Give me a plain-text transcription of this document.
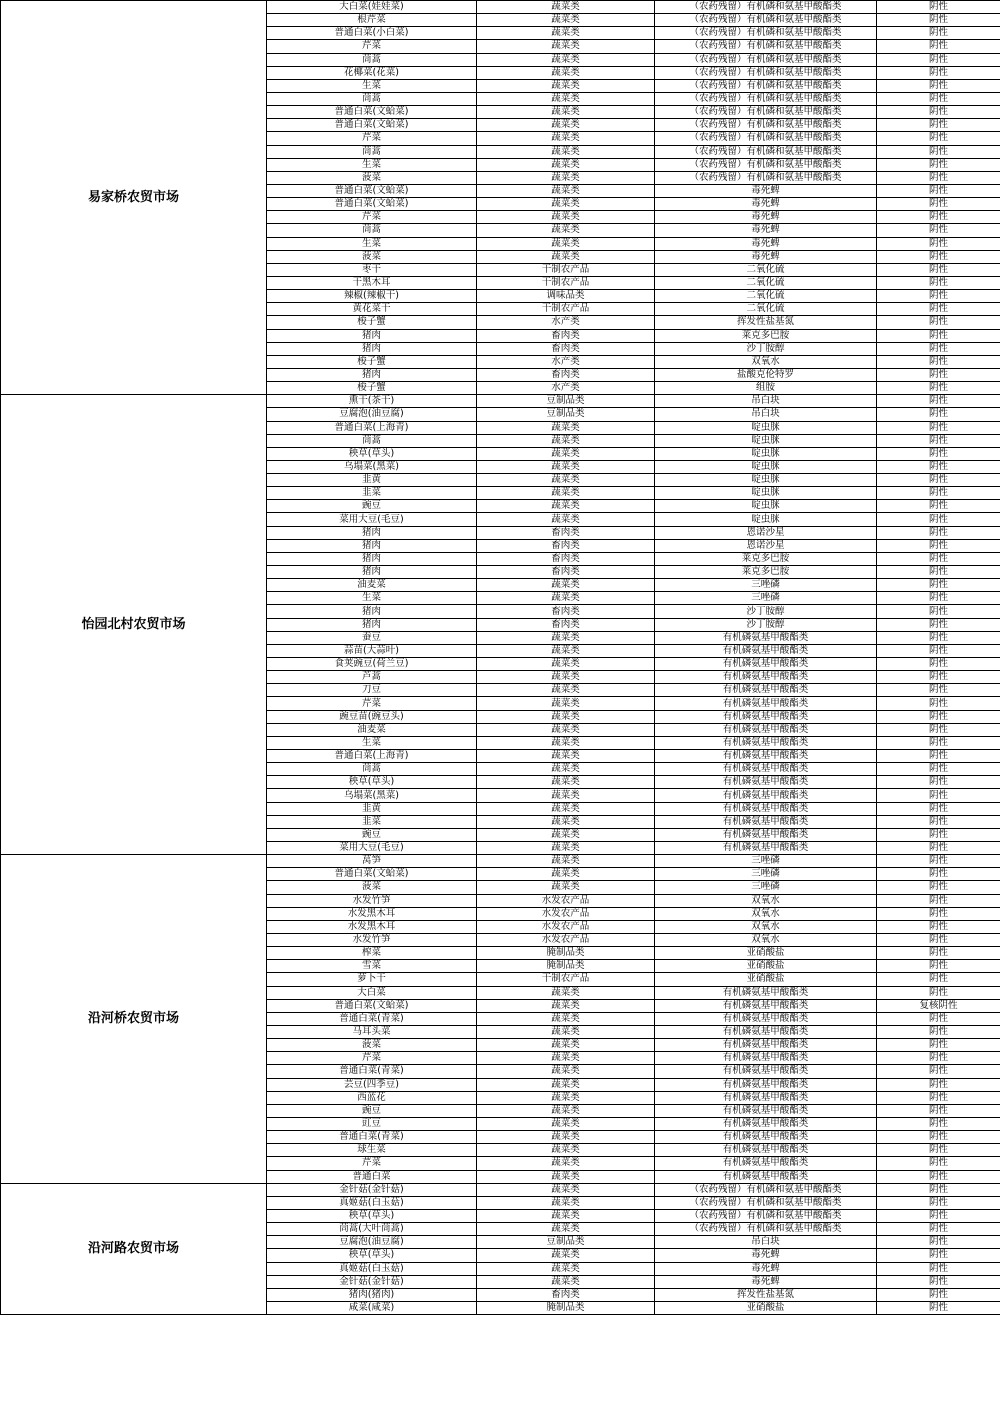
易家桥农贸市场	大白菜(娃娃菜)	蔬菜类	（农药残留）有机磷和氨基甲酸酯类	阴性
	根芹菜	蔬菜类	（农药残留）有机磷和氨基甲酸酯类	阴性
	普通白菜(小白菜)	蔬菜类	（农药残留）有机磷和氨基甲酸酯类	阴性
	芹菜	蔬菜类	（农药残留）有机磷和氨基甲酸酯类	阴性
	茼蒿	蔬菜类	（农药残留）有机磷和氨基甲酸酯类	阴性
	花椰菜(花菜)	蔬菜类	（农药残留）有机磷和氨基甲酸酯类	阴性
	生菜	蔬菜类	（农药残留）有机磷和氨基甲酸酯类	阴性
	茼蒿	蔬菜类	（农药残留）有机磷和氨基甲酸酯类	阴性
	普通白菜(文蛤菜)	蔬菜类	（农药残留）有机磷和氨基甲酸酯类	阴性
	普通白菜(文蛤菜)	蔬菜类	（农药残留）有机磷和氨基甲酸酯类	阴性
	芹菜	蔬菜类	（农药残留）有机磷和氨基甲酸酯类	阴性
	茼蒿	蔬菜类	（农药残留）有机磷和氨基甲酸酯类	阴性
	生菜	蔬菜类	（农药残留）有机磷和氨基甲酸酯类	阴性
	菠菜	蔬菜类	（农药残留）有机磷和氨基甲酸酯类	阴性
	普通白菜(文蛤菜)	蔬菜类	毒死蜱	阴性
	普通白菜(文蛤菜)	蔬菜类	毒死蜱	阴性
	芹菜	蔬菜类	毒死蜱	阴性
	茼蒿	蔬菜类	毒死蜱	阴性
	生菜	蔬菜类	毒死蜱	阴性
	菠菜	蔬菜类	毒死蜱	阴性
	枣干	干制农产品	二氧化硫	阴性
	干黑木耳	干制农产品	二氧化硫	阴性
	辣椒(辣椒干)	调味品类	二氧化硫	阴性
	黄花菜干	干制农产品	二氧化硫	阴性
	梭子蟹	水产类	挥发性盐基氮	阴性
	猪肉	畜肉类	莱克多巴胺	阴性
	猪肉	畜肉类	沙丁胺醇	阴性
	梭子蟹	水产类	双氧水	阴性
	猪肉	畜肉类	盐酸克伦特罗	阴性
	梭子蟹	水产类	组胺	阴性
怡园北村农贸市场	熏干(茶干)	豆制品类	吊白块	阴性
	豆腐泡(油豆腐)	豆制品类	吊白块	阴性
	普通白菜(上海青)	蔬菜类	啶虫脒	阴性
	茼蒿	蔬菜类	啶虫脒	阴性
	秧草(草头)	蔬菜类	啶虫脒	阴性
	乌塌菜(黑菜)	蔬菜类	啶虫脒	阴性
	韭黄	蔬菜类	啶虫脒	阴性
	韭菜	蔬菜类	啶虫脒	阴性
	豌豆	蔬菜类	啶虫脒	阴性
	菜用大豆(毛豆)	蔬菜类	啶虫脒	阴性
	猪肉	畜肉类	恩诺沙星	阴性
	猪肉	畜肉类	恩诺沙星	阴性
	猪肉	畜肉类	莱克多巴胺	阴性
	猪肉	畜肉类	莱克多巴胺	阴性
	油麦菜	蔬菜类	三唑磷	阴性
	生菜	蔬菜类	三唑磷	阴性
	猪肉	畜肉类	沙丁胺醇	阴性
	猪肉	畜肉类	沙丁胺醇	阴性
	蚕豆	蔬菜类	有机磷氨基甲酸酯类	阴性
	蒜苗(大蒜叶)	蔬菜类	有机磷氨基甲酸酯类	阴性
	食荚豌豆(荷兰豆)	蔬菜类	有机磷氨基甲酸酯类	阴性
	芦蒿	蔬菜类	有机磷氨基甲酸酯类	阴性
	刀豆	蔬菜类	有机磷氨基甲酸酯类	阴性
	芹菜	蔬菜类	有机磷氨基甲酸酯类	阴性
	豌豆苗(豌豆头)	蔬菜类	有机磷氨基甲酸酯类	阴性
	油麦菜	蔬菜类	有机磷氨基甲酸酯类	阴性
	生菜	蔬菜类	有机磷氨基甲酸酯类	阴性
	普通白菜(上海青)	蔬菜类	有机磷氨基甲酸酯类	阴性
	茼蒿	蔬菜类	有机磷氨基甲酸酯类	阴性
	秧草(草头)	蔬菜类	有机磷氨基甲酸酯类	阴性
	乌塌菜(黑菜)	蔬菜类	有机磷氨基甲酸酯类	阴性
	韭黄	蔬菜类	有机磷氨基甲酸酯类	阴性
	韭菜	蔬菜类	有机磷氨基甲酸酯类	阴性
	豌豆	蔬菜类	有机磷氨基甲酸酯类	阴性
	菜用大豆(毛豆)	蔬菜类	有机磷氨基甲酸酯类	阴性
沿河桥农贸市场	莴笋	蔬菜类	三唑磷	阴性
	普通白菜(文蛤菜)	蔬菜类	三唑磷	阴性
	菠菜	蔬菜类	三唑磷	阴性
	水发竹笋	水发农产品	双氧水	阴性
	水发黑木耳	水发农产品	双氧水	阴性
	水发黑木耳	水发农产品	双氧水	阴性
	水发竹笋	水发农产品	双氧水	阴性
	榨菜	腌制品类	亚硝酸盐	阴性
	雪菜	腌制品类	亚硝酸盐	阴性
	萝卜干	干制农产品	亚硝酸盐	阴性
	大白菜	蔬菜类	有机磷氨基甲酸酯类	阴性
	普通白菜(文蛤菜)	蔬菜类	有机磷氨基甲酸酯类	复核阴性
	普通白菜(青菜)	蔬菜类	有机磷氨基甲酸酯类	阴性
	马耳头菜	蔬菜类	有机磷氨基甲酸酯类	阴性
	菠菜	蔬菜类	有机磷氨基甲酸酯类	阴性
	芹菜	蔬菜类	有机磷氨基甲酸酯类	阴性
	普通白菜(青菜)	蔬菜类	有机磷氨基甲酸酯类	阴性
	芸豆(四季豆)	蔬菜类	有机磷氨基甲酸酯类	阴性
	西蓝花	蔬菜类	有机磷氨基甲酸酯类	阴性
	豌豆	蔬菜类	有机磷氨基甲酸酯类	阴性
	豇豆	蔬菜类	有机磷氨基甲酸酯类	阴性
	普通白菜(青菜)	蔬菜类	有机磷氨基甲酸酯类	阴性
	球生菜	蔬菜类	有机磷氨基甲酸酯类	阴性
	芹菜	蔬菜类	有机磷氨基甲酸酯类	阴性
	普通白菜	蔬菜类	有机磷氨基甲酸酯类	阴性
沿河路农贸市场	金针菇(金针菇)	蔬菜类	（农药残留）有机磷和氨基甲酸酯类	阴性
	真姬菇(白玉菇)	蔬菜类	（农药残留）有机磷和氨基甲酸酯类	阴性
	秧草(草头)	蔬菜类	（农药残留）有机磷和氨基甲酸酯类	阴性
	茼蒿(大叶茼蒿)	蔬菜类	（农药残留）有机磷和氨基甲酸酯类	阴性
	豆腐泡(油豆腐)	豆制品类	吊白块	阴性
	秧草(草头)	蔬菜类	毒死蜱	阴性
	真姬菇(白玉菇)	蔬菜类	毒死蜱	阴性
	金针菇(金针菇)	蔬菜类	毒死蜱	阴性
	猪肉(猪肉)	畜肉类	挥发性盐基氮	阴性
	咸菜(咸菜)	腌制品类	亚硝酸盐	阴性
